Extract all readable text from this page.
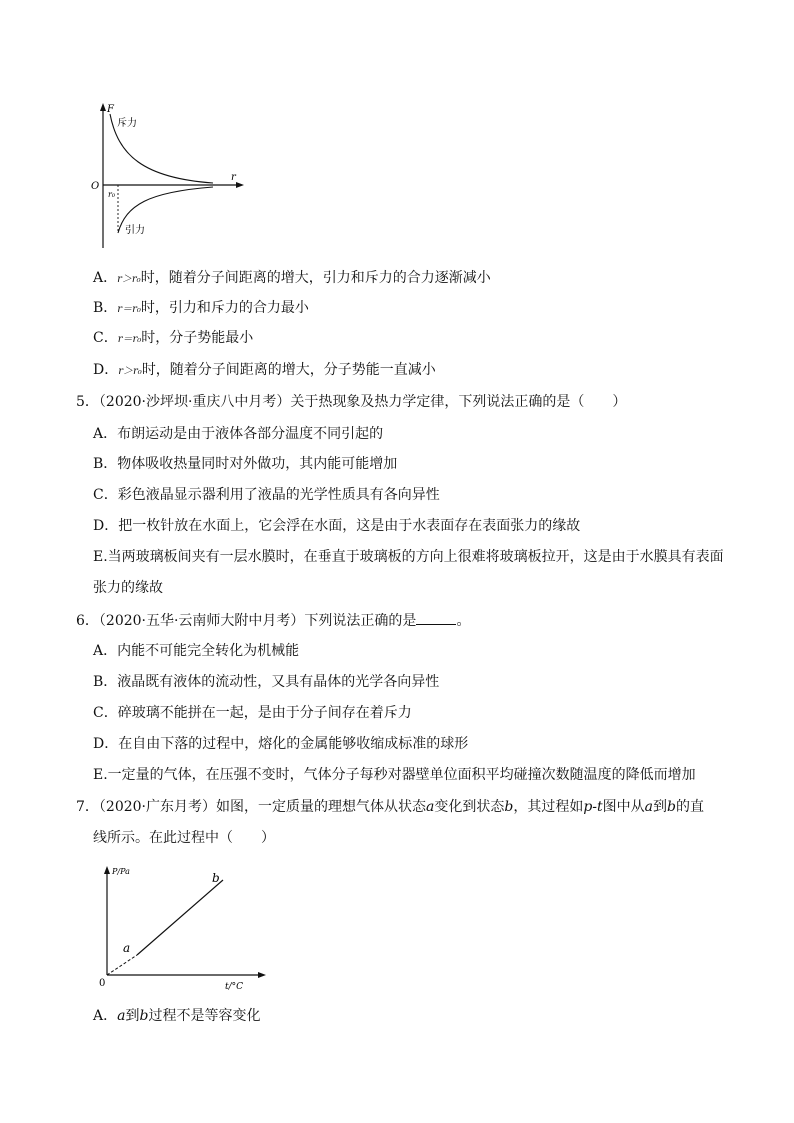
F
r
O
r₀
斥力
引力
A．r＞r₀时，随着分子间距离的增大，引力和斥力的合力逐渐减小
B．r＝r₀时，引力和斥力的合力最小
C．r＝r₀时，分子势能最小
D．r＞r₀时，随着分子间距离的增大，分子势能一直减小
5．（2020·沙坪坝·重庆八中月考）关于热现象及热力学定律，下列说法正确的是（　　）
A．布朗运动是由于液体各部分温度不同引起的
B．物体吸收热量同时对外做功，其内能可能增加
C．彩色液晶显示器利用了液晶的光学性质具有各向异性
D．把一枚针放在水面上，它会浮在水面，这是由于水表面存在表面张力的缘故
E.当两玻璃板间夹有一层水膜时，在垂直于玻璃板的方向上很难将玻璃板拉开，这是由于水膜具有表面
张力的缘故
6．（2020·五华·云南师大附中月考）下列说法正确的是	。
A．内能不可能完全转化为机械能
B．液晶既有液体的流动性，又具有晶体的光学各向异性
C．碎玻璃不能拼在一起，是由于分子间存在着斥力
D．在自由下落的过程中，熔化的金属能够收缩成标准的球形
E.一定量的气体，在压强不变时，气体分子每秒对器壁单位面积平均碰撞次数随温度的降低而增加
7．（2020·广东月考）如图，一定质量的理想气体从状态a变化到状态b，其过程如p-t图中从a到b的直
线所示。在此过程中（　　）
P/Pa
t/°C
0
a
b
A．a到b过程不是等容变化
